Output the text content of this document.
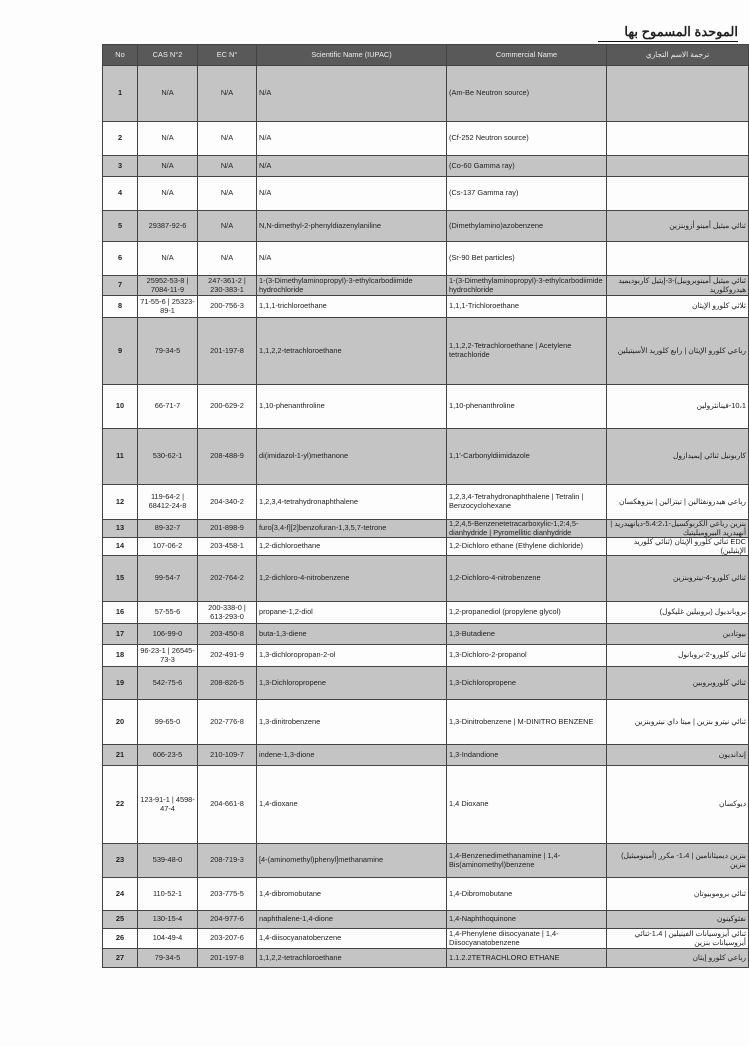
الموحدة المسموح بها
No	CAS N°2	EC N°	Scientific Name (IUPAC)	Commercial Name	ترجمة الاسم التجاري
1	N/A	N/A	N/A	(Am-Be Neutron source)	
2	N/A	N/A	N/A	(Cf-252 Neutron source)	
3	N/A	N/A	N/A	(Co-60 Gamma ray)	
4	N/A	N/A	N/A	(Cs-137 Gamma ray)	
5	29387-92-6	N/A	N,N-dimethyl-2-phenyldiazenylaniline	(Dimethylamino)azobenzene	ثنائي ميثيل أمينو أزوبنزين
6	N/A	N/A	N/A	(Sr-90 Bet particles)	
7	25952-53-8 | 7084-11-9	247-361-2 | 230-383-1	1-(3-Dimethylaminopropyl)-3-ethylcarbodiimide hydrochloride	1-(3-Dimethylaminopropyl)-3-ethylcarbodiimide hydrochloride	ثنائي ميثيل أمينوبروبيل)-3-إيثيل كاربوديميد هيدروكلوريد
8	71-55-6 | 25323-89-1	200-756-3	1,1,1-trichloroethane	1,1,1-Trichloroethane	ثلاثي كلورو الإيثان
9	79-34-5	201-197-8	1,1,2,2-tetrachloroethane	1,1,2,2-Tetrachloroethane | Acetylene tetrachloride	رباعي كلورو الإيثان | رابع كلوريد الأسيتيلين
10	66-71-7	200-629-2	1,10-phenanthroline	1,10-phenanthroline	10،1-فينانثرولين
11	530-62-1	208-488-9	di(imidazol-1-yl)methanone	1,1'-Carbonyldiimidazole	كاربونيل ثنائي إيميدازول
12	119-64-2 | 68412-24-8	204-340-2	1,2,3,4-tetrahydronaphthalene	1,2,3,4-Tetrahydronaphthalene | Tetralin | Benzocyclohexane	رباعي هيدرونفثالين | تيترالين | بنزوهكسان
13	89-32-7	201-898-9	furo[3,4-f][2]benzofuran-1,3,5,7-tetrone	1,2,4,5-Benzenetetracarboxylic-1,2:4,5-dianhydride | Pyromellitic dianhydride	بنزين رباعي الكربوكسيل-5،4:2،1-ديانهيدريد | أنهيدريد البيروميليتيك
14	107-06-2	203-458-1	1,2-dichloroethane	1,2-Dichloro ethane (Ethylene dichloride)	EDC ثنائي كلورو الإيثان (ثنائي كلوريد الإيثيلين)
15	99-54-7	202-764-2	1,2-dichloro-4-nitrobenzene	1,2-Dichloro-4-nitrobenzene	ثنائي كلورو-4-نيتروبنزين
16	57-55-6	200-338-0 | 613-293-0	propane-1,2-diol	1,2-propanediol (propylene glycol)	بروبانديول (بروبيلين غليكول)
17	106-99-0	203-450-8	buta-1,3-diene	1,3-Butadiene	بيوتادين
18	96-23-1 | 26545-73-3	202-491-9	1,3-dichloropropan-2-ol	1,3-Dichloro-2-propanol	ثنائي كلورو-2-بروبانول
19	542-75-6	208-826-5	1,3-Dichloropropene	1,3-Dichloropropene	ثنائي كلوروبروبين
20	99-65-0	202-776-8	1,3-dinitrobenzene	1,3-Dinitrobenzene | M-DINITRO BENZENE	ثنائي نيترو بنزين | ميتا داي نيتروبنزين
21	606-23-5	210-109-7	indene-1,3-dione	1,3-Indandione	إندانديون
22	123-91-1 | 4598-47-4	204-661-8	1,4-dioxane	1,4 Dioxane	ديوكسان
23	539-48-0	208-719-3	[4-(aminomethyl)phenyl]methanamine	1,4-Benzenedimethanamine | 1,4-Bis(aminomethyl)benzene	بنزين ديميثانامين | 1،4- مكرر (أمينوميثيل) بنزين
24	110-52-1	203-775-5	1,4-dibromobutane	1,4-Dibromobutane	ثنائي بروموبيوتان
25	130-15-4	204-977-6	naphthalene-1,4-dione	1,4-Naphthoquinone	نفثوكينون
26	104-49-4	203-207-6	1,4-diisocyanatobenzene	1,4-Phenylene diisocyanate | 1,4-Diisocyanatobenzene	ثنائي أيزوسيانات الفينيلين | 1،4-ثنائي أيزوسيانات بنزين
27	79-34-5	201-197-8	1,1,2,2-tetrachloroethane	1.1.2.2TETRACHLORO ETHANE	رباعي كلورو إيثان
